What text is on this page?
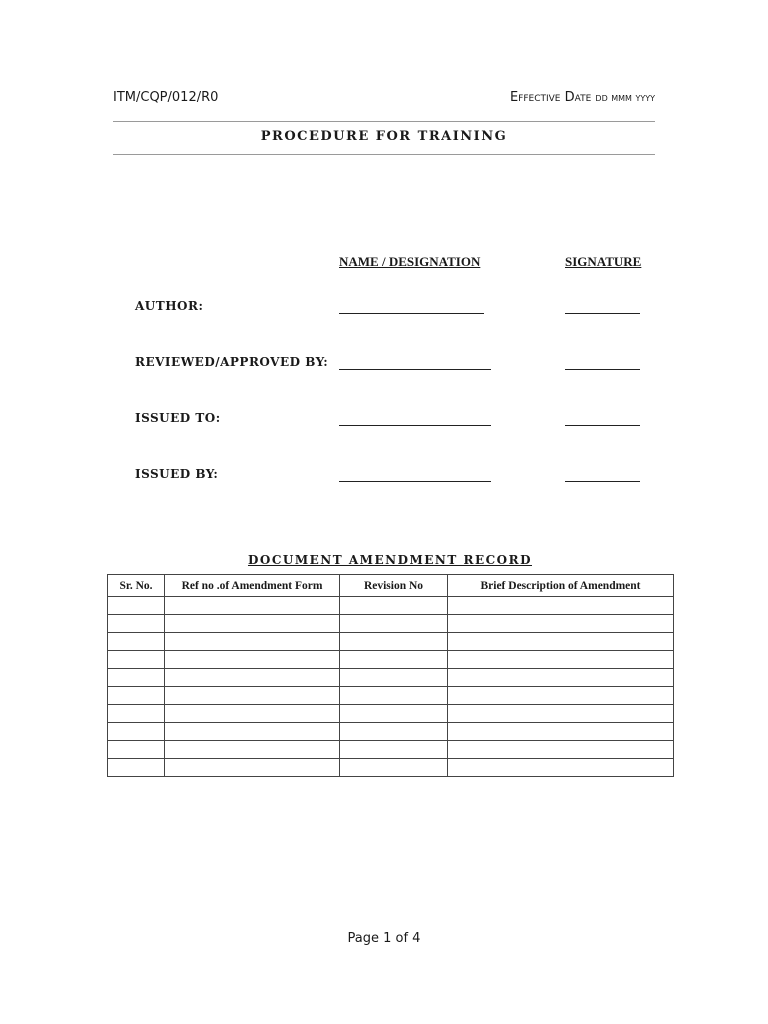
ITM/CQP/012/R0	Effective Date dd mmm yyyy
PROCEDURE FOR TRAINING
NAME / DESIGNATION	SIGNATURE
AUTHOR:
REVIEWED/APPROVED BY:
ISSUED TO:
ISSUED BY:
DOCUMENT AMENDMENT RECORD
Sr. No.	Ref no .of Amendment Form	Revision No	Brief Description of Amendment

Page 1 of 4
